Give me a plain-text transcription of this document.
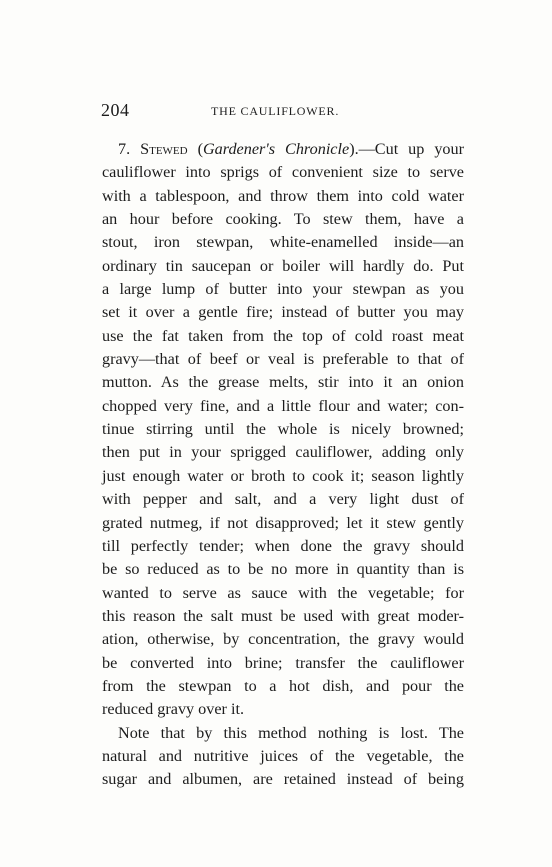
204	THE CAULIFLOWER.
7. Stewed (Gardener's Chronicle).—Cut up your
cauliflower into sprigs of convenient size to serve
with a tablespoon, and throw them into cold water
an hour before cooking. To stew them, have a
stout, iron stewpan, white-enamelled inside—an
ordinary tin saucepan or boiler will hardly do. Put
a large lump of butter into your stewpan as you
set it over a gentle fire; instead of butter you may
use the fat taken from the top of cold roast meat
gravy—that of beef or veal is preferable to that of
mutton. As the grease melts, stir into it an onion
chopped very fine, and a little flour and water; con-
tinue stirring until the whole is nicely browned;
then put in your sprigged cauliflower, adding only
just enough water or broth to cook it; season lightly
with pepper and salt, and a very light dust of
grated nutmeg, if not disapproved; let it stew gently
till perfectly tender; when done the gravy should
be so reduced as to be no more in quantity than is
wanted to serve as sauce with the vegetable; for
this reason the salt must be used with great moder-
ation, otherwise, by concentration, the gravy would
be converted into brine; transfer the cauliflower
from the stewpan to a hot dish, and pour the
reduced gravy over it.
Note that by this method nothing is lost. The
natural and nutritive juices of the vegetable, the
sugar and albumen, are retained instead of being
